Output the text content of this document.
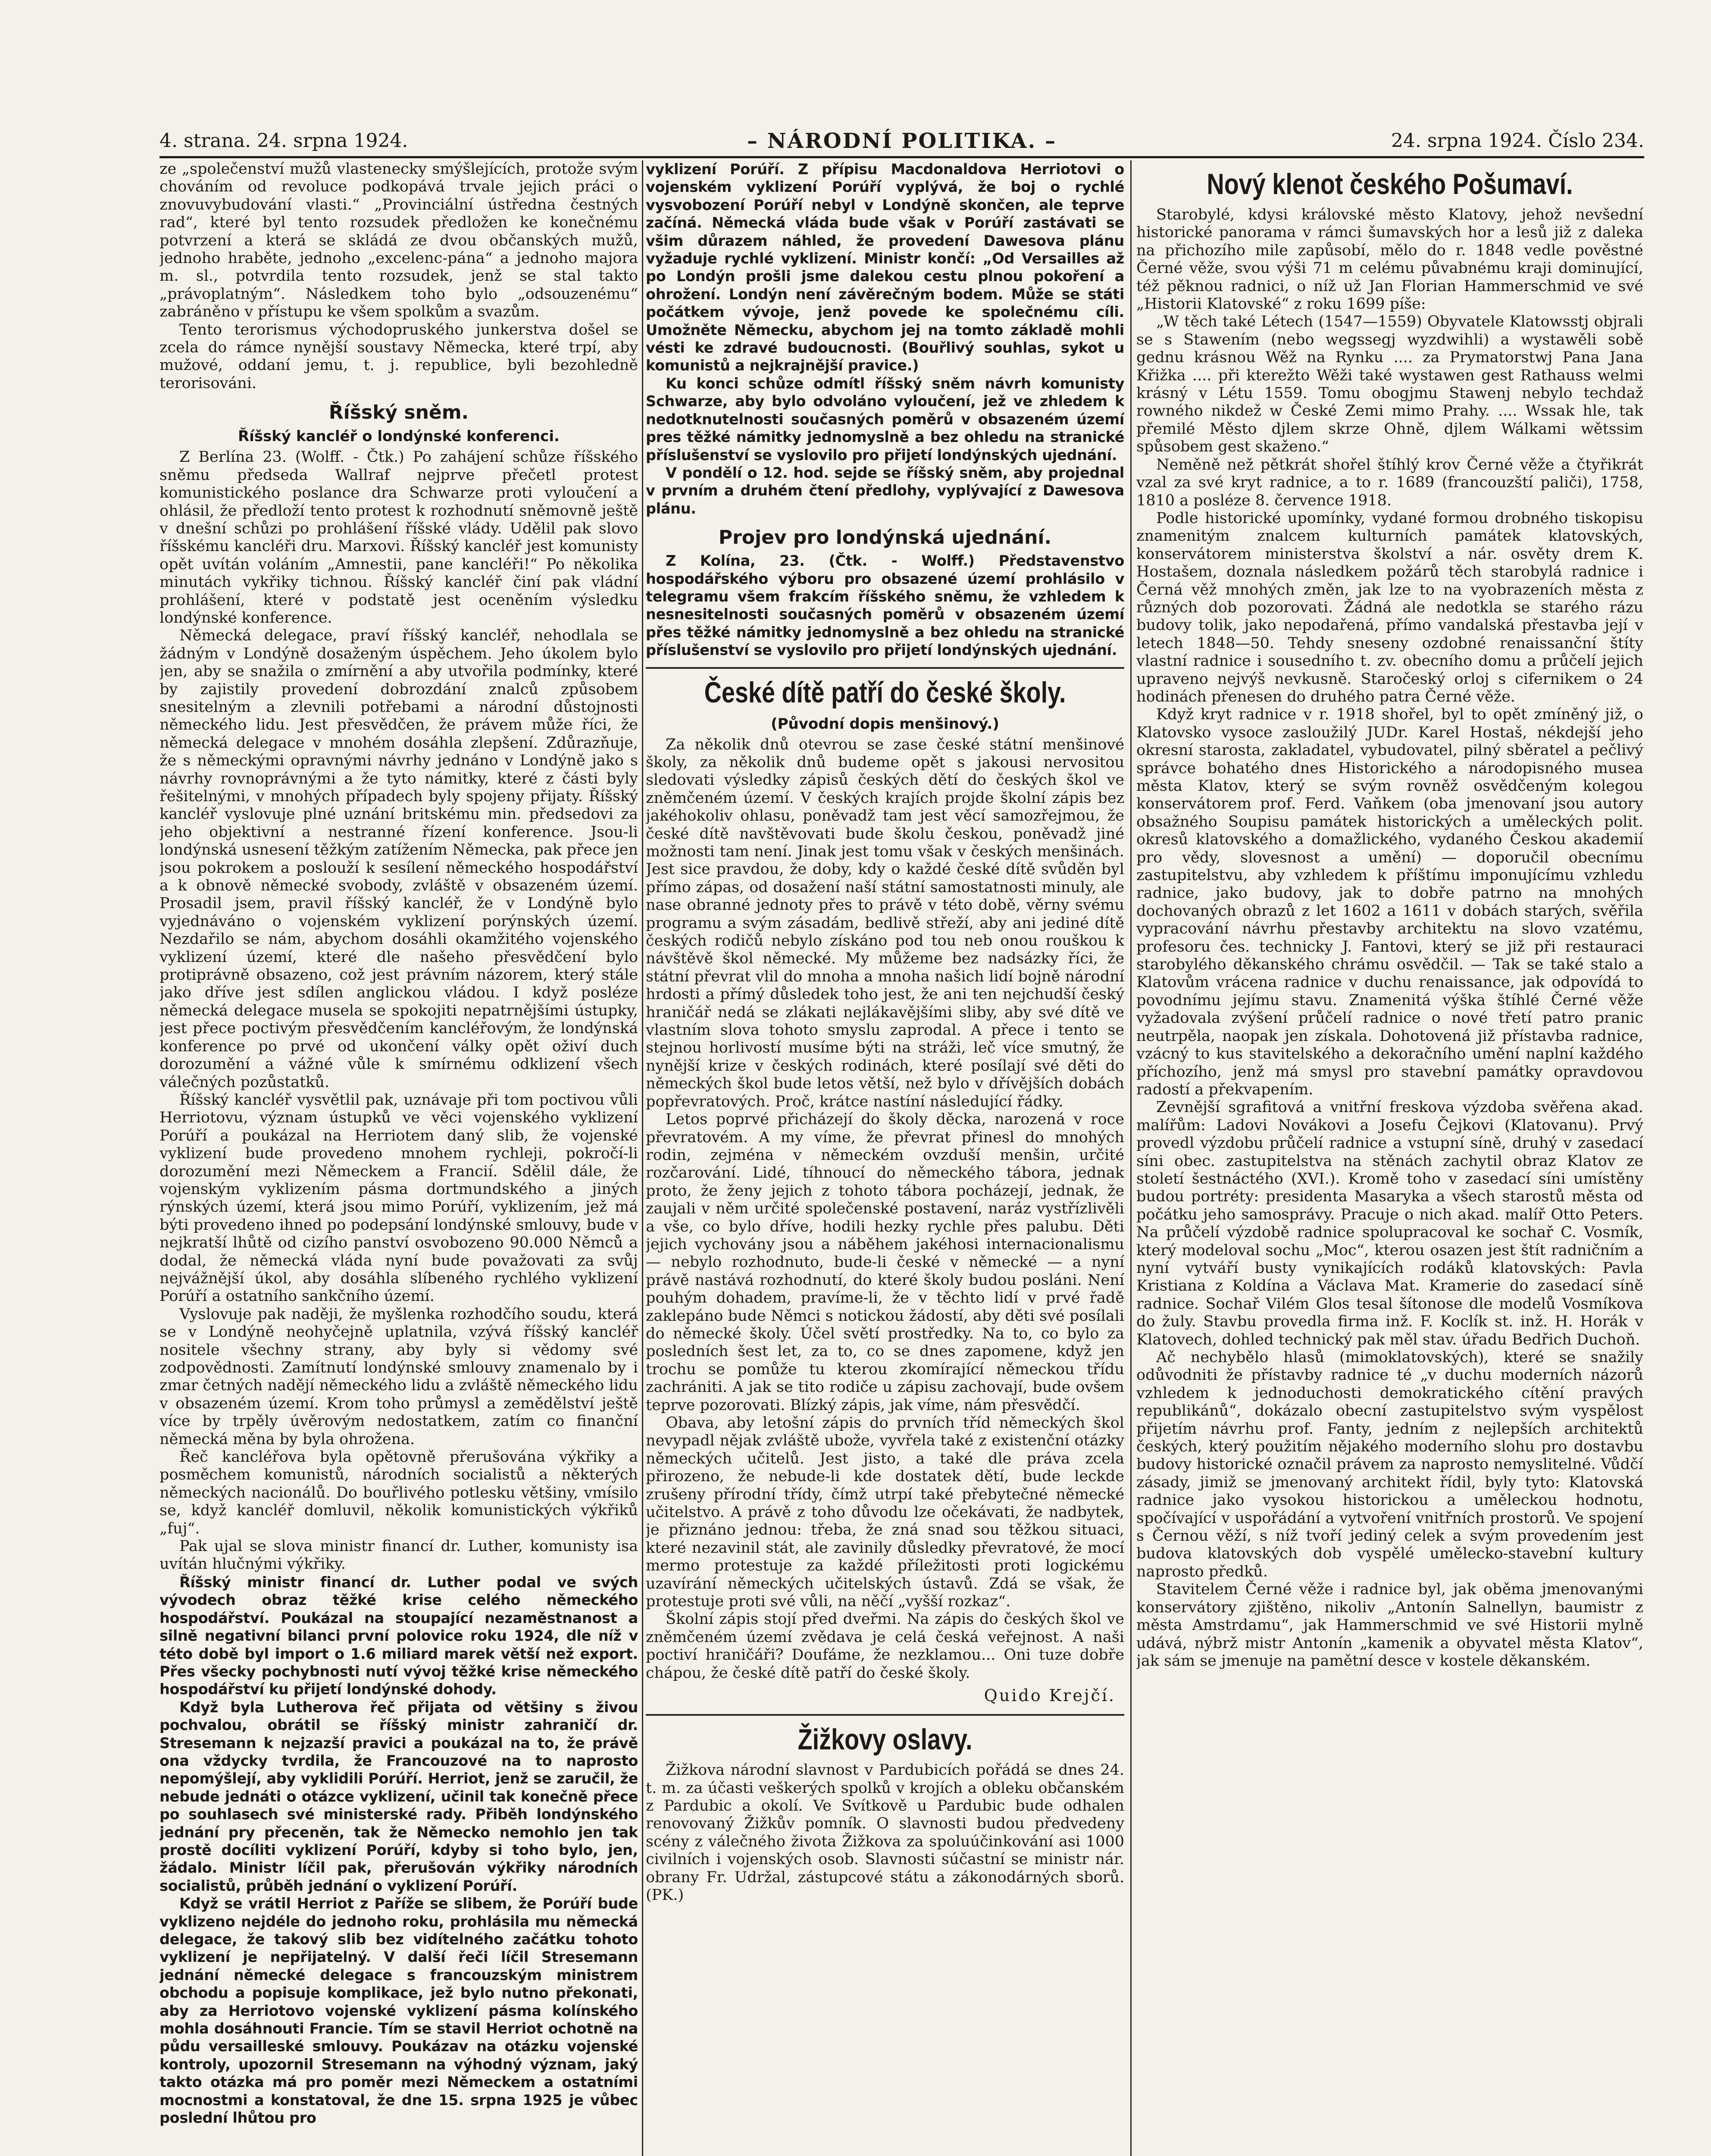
4. strana. 24. srpna 1924.	– NÁRODNÍ POLITIKA. –	24. srpna 1924. Číslo 234.

ze „společenství mužů vlastenecky smýšlejících, protože svým chováním od revoluce podkopává trvale jejich práci o znovuvybudování vlasti.“ „Provinciální ústředna čestných rad“, které byl tento rozsudek předložen ke konečnému potvrzení a která se skládá ze dvou občanských mužů, jednoho hraběte, jednoho „excelenc-pána“ a jednoho majora m. sl., potvrdila tento rozsudek, jenž se stal takto „právoplatným“. Následkem toho bylo „odsouzenému“ zabráněno v přístupu ke všem spolkům a svazům.

Tento terorismus východopruského junkerstva došel se zcela do rámce nynější soustavy Německa, které trpí, aby mužové, oddaní jemu, t. j. republice, byli bezohledně terorisováni.

Říšský sněm.
Říšský kancléř o londýnské konferenci.

Z Berlína 23. (Wolff. - Čtk.) Po zahájení schůze říšského sněmu předseda Wallraf nejprve přečetl protest komunistického poslance dra Schwarze proti vyloučení a ohlásil, že předloží tento protest k rozhodnutí sněmovně ještě v dnešní schůzi po prohlášení říšské vlády. Udělil pak slovo říšskému kancléři dru. Marxovi. Říšský kancléř jest komunisty opět uvítán voláním „Amnestii, pane kancléři!“ Po několika minutách vykřiky tichnou. Říšský kancléř činí pak vládní prohlášení, které v podstatě jest oceněním výsledku londýnské konference.

Německá delegace, praví říšský kancléř, nehodlala se žádným v Londýně dosaženým úspěchem. Jeho úkolem bylo jen, aby se snažila o zmírnění a aby utvořila podmínky, které by zajistily provedení dobrozdání znalců způsobem snesitelným a zlevnili potřebami a národní důstojnosti německého lidu. Jest přesvědčen, že právem může říci, že německá delegace v mnohém dosáhla zlepšení. Zdůrazňuje, že s německými opravnými návrhy jednáno v Londýně jako s návrhy rovnoprávnými a že tyto námitky, které z části byly řešitelnými, v mnohých případech byly spojeny přijaty. Říšský kancléř vyslovuje plné uznání britskému min. předsedovi za jeho objektivní a nestranné řízení konference. Jsou-li londýnská usnesení těžkým zatížením Německa, pak přece jen jsou pokrokem a poslouží k sesílení německého hospodářství a k obnově německé svobody, zvláště v obsazeném území. Prosadil jsem, pravil říšský kancléř, že v Londýně bylo vyjednáváno o vojenském vyklizení porýnských území. Nezdařilo se nám, abychom dosáhli okamžitého vojenského vyklizení území, které dle našeho přesvědčení bylo protiprávně obsazeno, což jest právním názorem, který stále jako dříve jest sdílen anglickou vládou. I když posléze německá delegace musela se spokojiti nepatrnějšími ústupky, jest přece poctivým přesvědčením kancléřovým, že londýnská konference po prvé od ukončení války opět oživí duch dorozumění a vážné vůle k smírnému odklizení všech válečných pozůstatků.

Říšský kancléř vysvětlil pak, uznávaje při tom poctivou vůli Herriotovu, význam ústupků ve věci vojenského vyklizení Porúří a poukázal na Herriotem daný slib, že vojenské vyklizení bude provedeno mnohem rychleji, pokročí-li dorozumění mezi Německem a Francií. Sdělil dále, že vojenským vyklizením pásma dortmundského a jiných rýnských území, která jsou mimo Porúří, vyklizením, jež má býti provedeno ihned po podepsání londýnské smlouvy, bude v nejkratší lhůtě od cizího panství osvobozeno 90.000 Němců a dodal, že německá vláda nyní bude považovati za svůj nejvážnější úkol, aby dosáhla slíbeného rychlého vyklizení Porúří a ostatního sankčního území.

Vyslovuje pak naději, že myšlenka rozhodčího soudu, která se v Londýně neohyčejně uplatnila, vzývá říšský kancléř nositele všechny strany, aby byly si vědomy své zodpovědnosti. Zamítnutí londýnské smlouvy znamenalo by i zmar četných nadějí německého lidu a zvláště německého lidu v obsazeném území. Krom toho průmysl a zemědělství ještě více by trpěly úvěrovým nedostatkem, zatím co finanční německá měna by byla ohrožena.

Řeč kancléřova byla opětovně přerušována výkřiky a posměchem komunistů, národních socialistů a některých německých nacionálů. Do bouřlivého potlesku většiny, vmísilo se, když kancléř domluvil, několik komunistických výkřiků „fuj“.

Pak ujal se slova ministr financí dr. Luther, komunisty isa uvítán hlučnými výkřiky.

Říšský ministr financí dr. Luther podal ve svých vývodech obraz těžké krise celého německého hospodářství. Poukázal na stoupající nezaměstnanost a silně negativní bilanci první polovice roku 1924, dle níž v této době byl import o 1.6 miliard marek větší než export. Přes všecky pochybnosti nutí vývoj těžké krise německého hospodářství ku přijetí londýnské dohody.

Když byla Lutherova řeč přijata od většiny s živou pochvalou, obrátil se říšský ministr zahraničí dr. Stresemann k nejzazší pravici a poukázal na to, že právě ona vždycky tvrdila, že Francouzové na to naprosto nepomýšlejí, aby vyklidili Porúří. Herriot, jenž se zaručil, že nebude jednáti o otázce vyklizení, učinil tak konečně přece po souhlasech své ministerské rady. Přiběh londýnského jednání pry přeceněn, tak že Německo nemohlo jen tak prostě docíliti vyklizení Porúří, kdyby si toho bylo, jen, žádalo. Ministr líčil pak, přerušován výkřiky národních socialistů, průběh jednání o vyklizení Porúří.

Když se vrátil Herriot z Paříže se slibem, že Porúří bude vyklizeno nejdéle do jednoho roku, prohlásila mu německá delegace, že takový slib bez vidítelného začátku tohoto vyklizení je nepřijatelný. V další řeči líčil Stresemann jednání německé delegace s francouzským ministrem obchodu a popisuje komplikace, jež bylo nutno překonati, aby za Herriotovo vojenské vyklizení pásma kolínského mohla dosáhnouti Francie. Tím se stavil Herriot ochotně na půdu versailleské smlouvy. Poukázav na otázku vojenské kontroly, upozornil Stresemann na výhodný význam, jaký takto otázka má pro poměr mezi Německem a ostatními mocnostmi a konstatoval, že dne 15. srpna 1925 je vůbec poslední lhůtou pro

vyklizení Porúří. Z přípisu Macdonaldova Herriotovi o vojenském vyklizení Porúří vyplývá, že boj o rychlé vysvobození Porúří nebyl v Londýně skončen, ale teprve začíná. Německá vláda bude však v Porúří zastávati se všim důrazem náhled, že provedení Dawesova plánu vyžaduje rychlé vyklizení. Ministr končí: „Od Versailles až po Londýn prošli jsme dalekou cestu plnou pokoření a ohrožení. Londýn není závěrečným bodem. Může se státi počátkem vývoje, jenž povede ke společnému cíli. Umožněte Německu, abychom jej na tomto základě mohli vésti ke zdravé budoucnosti. (Bouřlivý souhlas, sykot u komunistů a nejkrajnější pravice.)

Ku konci schůze odmítl říšský sněm návrh komunisty Schwarze, aby bylo odvoláno vyloučení, jež ve zhledem k nedotknutelnosti současných poměrů v obsazeném území pres těžké námitky jednomyslně a bez ohledu na stranické příslušenství se vyslovilo pro přijetí londýnských ujednání.

V pondělí o 12. hod. sejde se říšský sněm, aby projednal v prvním a druhém čtení předlohy, vyplývající z Dawesova plánu.

Projev pro londýnská ujednání.

Z Kolína, 23. (Čtk. - Wolff.) Představenstvo hospodářského výboru pro obsazené území prohlásilo v telegramu všem frakcím říšského sněmu, že vzhledem k nesnesitelnosti současných poměrů v obsazeném území přes těžké námitky jednomyslně a bez ohledu na stranické příslušenství se vyslovilo pro přijetí londýnských ujednání.

České dítě patří do české školy.
(Původní dopis menšinový.)

Za několik dnů otevrou se zase české státní menšinové školy, za několik dnů budeme opět s jakousi nervositou sledovati výsledky zápisů českých dětí do českých škol ve zněmčeném území. V českých krajích projde školní zápis bez jakéhokoliv ohlasu, poněvadž tam jest věcí samozřejmou, že české dítě navštěvovati bude školu českou, poněvadž jiné možnosti tam není. Jinak jest tomu však v českých menšinách. Jest sice pravdou, že doby, kdy o každé české dítě svůděn byl přímo zápas, od dosažení naší státní samostatnosti minuly, ale nase obranné jednoty přes to právě v této době, věrny svému programu a svým zásadám, bedlivě střeží, aby ani jediné dítě českých rodičů nebylo získáno pod tou neb onou rouškou k návštěvě škol německé. My můžeme bez nadsázky říci, že státní převrat vlil do mnoha a mnoha našich lidí bojně národní hrdosti a přímý důsledek toho jest, že ani ten nejchudší český hraničář nedá se zlákati nejlákavějšími sliby, aby své dítě ve vlastním slova tohoto smyslu zaprodal. A přece i tento se stejnou horlivostí musíme býti na stráži, leč více smutný, že nynější krize v českých rodinách, které posílají své děti do německých škol bude letos větší, než bylo v dřívějších dobách popřevratových. Proč, krátce nastíní následující řádky.

Letos poprvé přicházejí do školy děcka, narozená v roce převratovém. A my víme, že převrat přinesl do mnohých rodin, zejména v německém ovzduší menšin, určité rozčarování. Lidé, tíhnoucí do německého tábora, jednak proto, že ženy jejich z tohoto tábora pocházejí, jednak, že zaujali v něm určité společenské postavení, naráz vystřízlivěli a vše, co bylo dříve, hodili hezky rychle přes palubu. Děti jejich vychovány jsou a náběhem jakéhosi internacionalismu — nebylo rozhodnuto, bude-li české v německé — a nyní právě nastává rozhodnutí, do které školy budou posláni. Není pouhým dohadem, pravíme-li, že v těchto lidí v prvé řadě zaklepáno bude Němci s notickou žádostí, aby děti své posílali do německé školy. Účel světí prostředky. Na to, co bylo za posledních šest let, za to, co se dnes zapomene, když jen trochu se pomůže tu kterou zkomírající německou třídu zachrániti. A jak se tito rodiče u zápisu zachovají, bude ovšem teprve pozorovati. Blízký zápis, jak víme, nám přesvědčí.

Obava, aby letošní zápis do prvních tříd německých škol nevypadl nějak zvláště ubože, vyvřela také z existenční otázky německých učitelů. Jest jisto, a také dle práva zcela přirozeno, že nebude-li kde dostatek dětí, bude leckde zrušeny přírodní třídy, čímž utrpí také přebytečné německé učitelstvo. A právě z toho důvodu lze očekávati, že nadbytek, je přiznáno jednou: třeba, že zná snad sou těžkou situaci, které nezavinil stát, ale zavinily důsledky převratové, že mocí mermo protestuje za každé příležitosti proti logickému uzavírání německých učitelských ústavů. Zdá se však, že protestuje proti své vůli, na něčí „vyšší rozkaz“.

Školní zápis stojí před dveřmi. Na zápis do českých škol ve zněmčeném území zvědava je celá česká veřejnost. A naši poctiví hraničáři? Doufáme, že nezklamou... Oni tuze dobře chápou, že české dítě patří do české školy.

Quido Krejčí.
Žižkovy oslavy.

Žižkova národní slavnost v Pardubicích pořádá se dnes 24. t. m. za účasti veškerých spolků v krojích a obleku občanském z Pardubic a okolí. Ve Svítkově u Pardubic bude odhalen renovovaný Žižkův pomník. O slavnosti budou předvedeny scény z válečného života Žižkova za spoluúčinkování asi 1000 civilních i vojenských osob. Slavnosti súčastní se ministr nár. obrany Fr. Udržal, zástupcové státu a zákonodárných sborů. (PK.)

Nový klenot českého Pošumaví.

Starobylé, kdysi královské město Klatovy, jehož nevšední historické panorama v rámci šumavských hor a lesů již z daleka na přichozího mile zapůsobí, mělo do r. 1848 vedle pověstné Černé věže, svou výši 71 m celému půvabnému kraji dominující, též pěknou radnici, o níž už Jan Florian Hammerschmid ve své „Historii Klatovské“ z roku 1699 píše:

„W těch také Létech (1547—1559) Obyvatele Klatowsstj objrali se s Stawením (nebo wegssegj wyzdwihli) a wystawěli sobě gednu krásnou Wěž na Rynku .... za Prymatorstwj Pana Jana Křižka .... při kterežto Wěži také wystawen gest Rathauss welmi krásný v Létu 1559. Tomu obogjmu Stawenj nebylo techdaž rowného nikdež w České Zemi mimo Prahy. .... Wssak hle, tak přemilé Město djlem skrze Ohně, djlem Wálkami wětssim spůsobem gest skaženo.“

Neměně než pětkrát shořel štíhlý krov Černé věže a čtyřikrát vzal za své kryt radnice, a to r. 1689 (francouzští paliči), 1758, 1810 a posléze 8. července 1918.

Podle historické upomínky, vydané formou drobného tiskopisu znamenitým znalcem kulturních památek klatovských, konservátorem ministerstva školství a nár. osvěty drem K. Hostašem, doznala následkem požárů těch starobylá radnice i Černá věž mnohých změn, jak lze to na vyobrazeních města z různých dob pozorovati. Žádná ale nedotkla se starého rázu budovy tolik, jako nepodařená, přímo vandalská přestavba její v letech 1848—50. Tehdy sneseny ozdobné renaissanční štíty vlastní radnice i sousedního t. zv. obecního domu a průčelí jejich upraveno nejvýš nevkusně. Staročeský orloj s cifernikem o 24 hodinách přenesen do druhého patra Černé věže.

Když kryt radnice v r. 1918 shořel, byl to opět zmíněný již, o Klatovsko vysoce zasloužilý JUDr. Karel Hostaš, nékdejší jeho okresní starosta, zakladatel, vybudovatel, pilný sběratel a pečlivý správce bohatého dnes Historického a národopisného musea města Klatov, který se svým rovněž osvědčeným kolegou konservátorem prof. Ferd. Vaňkem (oba jmenovaní jsou autory obsažného Soupisu památek historických a uměleckých polit. okresů klatovského a domažlického, vydaného Českou akademií pro vědy, slovesnost a umění) — doporučil obecnímu zastupitelstvu, aby vzhledem k příštímu imponujícímu vzhledu radnice, jako budovy, jak to dobře patrno na mnohých dochovaných obrazů z let 1602 a 1611 v dobách starých, svěřila vypracování návrhu přestavby architektu na slovo vzatému, profesoru čes. technicky J. Fantovi, který se již při restauraci starobylého děkanského chrámu osvědčil. — Tak se také stalo a Klatovům vrácena radnice v duchu renaissance, jak odpovídá to povodnímu jejímu stavu. Znamenitá výška štíhlé Černé věže vyžadovala zvýšení průčelí radnice o nové třetí patro pranic neutrpěla, naopak jen získala. Dohotovená již přístavba radnice, vzácný to kus stavitelského a dekoračního umění naplní každého příchozího, jenž má smysl pro stavební památky opravdovou radostí a překvapením.

Zevnější sgrafitová a vnitřní freskova výzdoba svěřena akad. malířům: Ladovi Novákovi a Josefu Čejkovi (Klatovanu). Prvý provedl výzdobu průčelí radnice a vstupní síně, druhý v zasedací síni obec. zastupitelstva na stěnách zachytil obraz Klatov ze století šestnáctého (XVI.). Kromě toho v zasedací síni umístěny budou portréty: presidenta Masaryka a všech starostů města od počátku jeho samosprávy. Pracuje o nich akad. malíř Otto Peters. Na průčelí výzdobě radnice spolupracoval ke sochař C. Vosmík, který modeloval sochu „Moc“, kterou osazen jest štít radničním a nyní vytváří busty vynikajících rodáků klatovských: Pavla Kristiana z Koldína a Václava Mat. Kramerie do zasedací síně radnice. Sochař Vilém Glos tesal šítonose dle modelů Vosmíkova do žuly. Stavbu provedla firma inž. F. Koclík st. inž. H. Horák v Klatovech, dohled technický pak měl stav. úřadu Bedřich Duchoň.

Ač nechybělo hlasů (mimoklatovských), které se snažily odůvodniti že přístavby radnice té „v duchu moderních názorů vzhledem k jednoduchosti demokratického cítění pravých republikánů“, dokázalo obecní zastupitelstvo svým vyspělost přijetím návrhu prof. Fanty, jedním z nejlepších architektů českých, který použitím nějakého moderního slohu pro dostavbu budovy historické označil právem za naprosto nemyslitelné. Vůdčí zásady, jimiž se jmenovaný architekt řídil, byly tyto: Klatovská radnice jako vysokou historickou a uměleckou hodnotu, spočívající v uspořádání a vytvoření vnitřních prostorů. Ve spojení s Černou věží, s níž tvoří jediný celek a svým provedením jest budova klatovských dob vyspělé umělecko-stavební kultury naprosto předků.

Stavitelem Černé věže i radnice byl, jak oběma jmenovanými konservátory zjištěno, nikoliv „Antonín Salnellyn, baumistr z města Amstrdamu“, jak Hammerschmid ve své Historii mylně udává, nýbrž mistr Antonín „kamenik a obyvatel města Klatov“, jak sám se jmenuje na pamětní desce v kostele děkanském.
